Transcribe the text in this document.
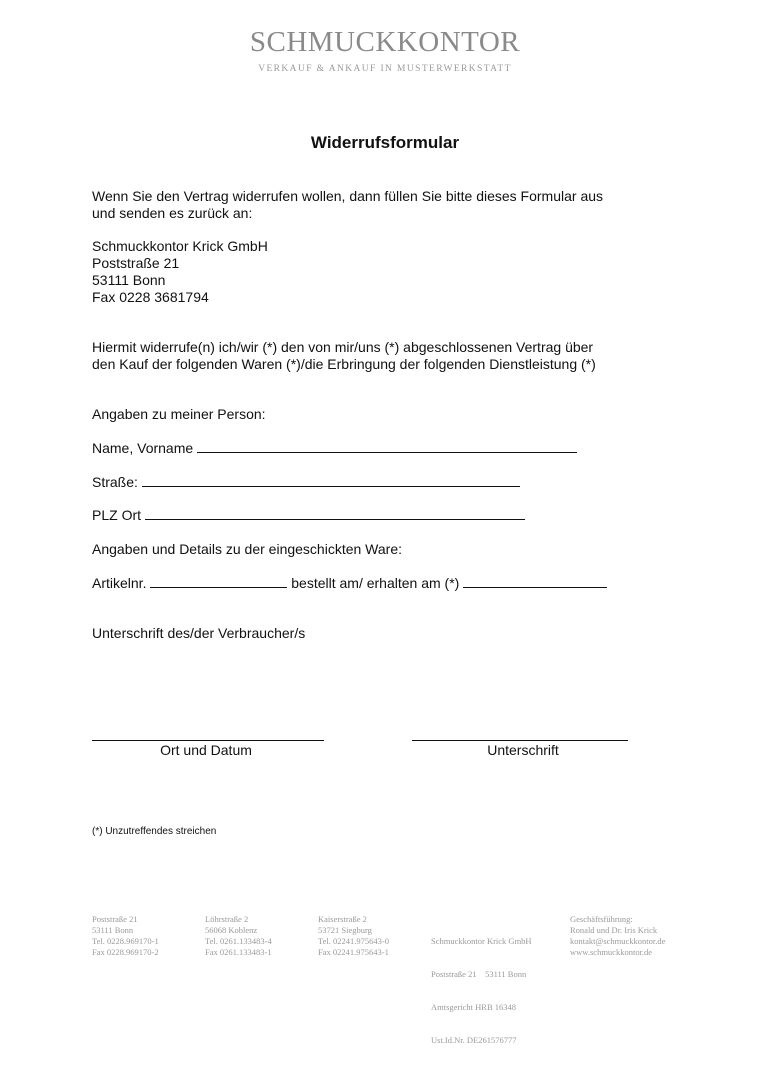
SCHMUCKKONTOR
VERKAUF & ANKAUF IN MUSTERWERKSTATT
Widerrufsformular
Wenn Sie den Vertrag widerrufen wollen, dann füllen Sie bitte dieses Formular aus
und senden es zurück an:
Schmuckkontor Krick GmbH
Poststraße 21
53111 Bonn
Fax 0228 3681794
Hiermit widerrufe(n) ich/wir (*) den von mir/uns (*) abgeschlossenen Vertrag über
den Kauf der folgenden Waren (*)/die Erbringung der folgenden Dienstleistung (*)
Angaben zu meiner Person:
Name, Vorname
Straße:
PLZ Ort
Angaben und Details zu der eingeschickten Ware:
Artikelnr.	bestellt am/ erhalten am (*)
Unterschrift des/der Verbraucher/s
Ort und Datum	Unterschrift
(*) Unzutreffendes streichen
Poststraße 21
53111 Bonn
Tel. 0228.969170-1
Fax 0228.969170-2
Löhrstraße 2
56068 Koblenz
Tel. 0261.133483-4
Fax 0261.133483-1
Kaiserstraße 2
53721 Siegburg
Tel. 02241.975643-0
Fax 02241.975643-1

Schmuckkontor Krick GmbH

Poststraße 21    53111 Bonn

Amtsgericht HRB 16348

Ust.Id.Nr. DE261576777

Geschäftsführung:
Ronald und Dr. Iris Krick
kontakt@schmuckkontor.de
www.schmuckkontor.de
